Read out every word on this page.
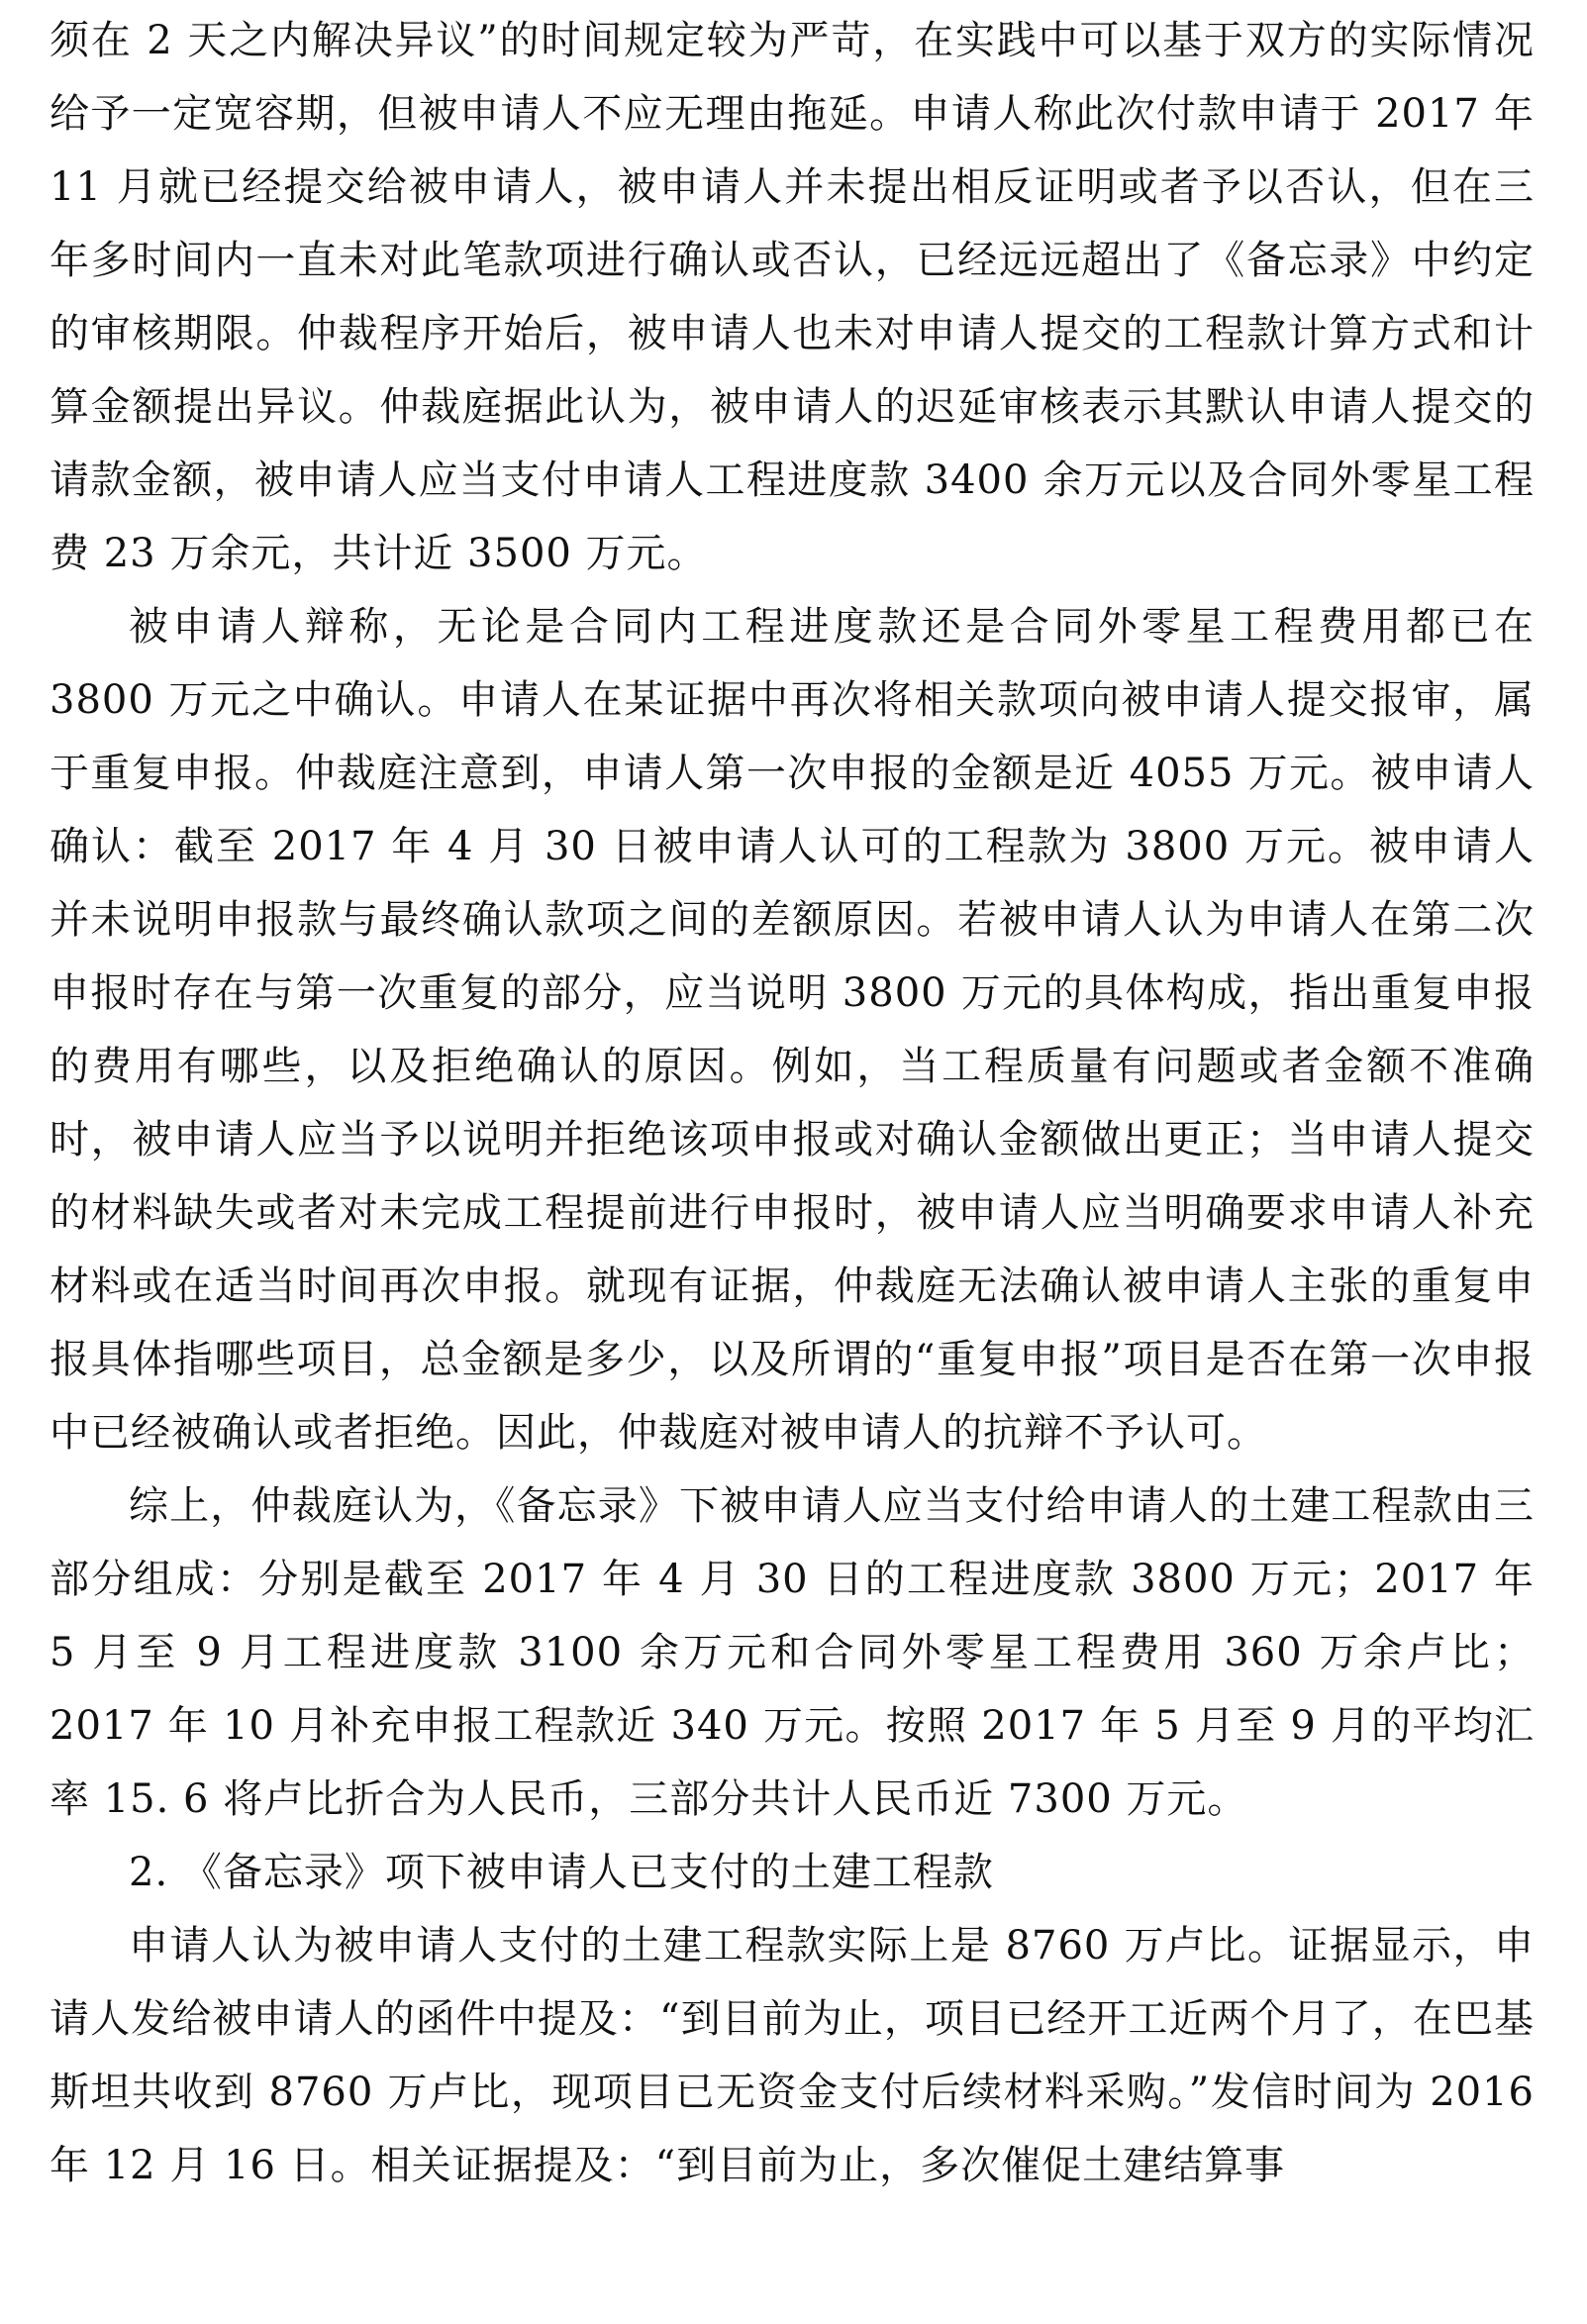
须在 2 天之内解决异议”的时间规定较为严苛，在实践中可以基于双方的实际情况给予一定宽容期，但被申请人不应无理由拖延。申请人称此次付款申请于 2017 年 11 月就已经提交给被申请人，被申请人并未提出相反证明或者予以否认，但在三年多时间内一直未对此笔款项进行确认或否认，已经远远超出了《备忘录》中约定的审核期限。仲裁程序开始后，被申请人也未对申请人提交的工程款计算方式和计算金额提出异议。仲裁庭据此认为，被申请人的迟延审核表示其默认申请人提交的请款金额，被申请人应当支付申请人工程进度款 3400 余万元以及合同外零星工程费 23 万余元，共计近 3500 万元。

被申请人辩称，无论是合同内工程进度款还是合同外零星工程费用都已在 3800 万元之中确认。申请人在某证据中再次将相关款项向被申请人提交报审，属于重复申报。仲裁庭注意到，申请人第一次申报的金额是近 4055 万元。被申请人确认：截至 2017 年 4 月 30 日被申请人认可的工程款为 3800 万元。被申请人并未说明申报款与最终确认款项之间的差额原因。若被申请人认为申请人在第二次申报时存在与第一次重复的部分，应当说明 3800 万元的具体构成，指出重复申报的费用有哪些，以及拒绝确认的原因。例如，当工程质量有问题或者金额不准确时，被申请人应当予以说明并拒绝该项申报或对确认金额做出更正；当申请人提交的材料缺失或者对未完成工程提前进行申报时，被申请人应当明确要求申请人补充材料或在适当时间再次申报。就现有证据，仲裁庭无法确认被申请人主张的重复申报具体指哪些项目，总金额是多少，以及所谓的“重复申报”项目是否在第一次申报中已经被确认或者拒绝。因此，仲裁庭对被申请人的抗辩不予认可。

综上，仲裁庭认为，《备忘录》下被申请人应当支付给申请人的土建工程款由三部分组成：分别是截至 2017 年 4 月 30 日的工程进度款 3800 万元；2017 年 5 月至 9 月工程进度款 3100 余万元和合同外零星工程费用 360 万余卢比；2017 年 10 月补充申报工程款近 340 万元。按照 2017 年 5 月至 9 月的平均汇率 15. 6 将卢比折合为人民币，三部分共计人民币近 7300 万元。

2. 《备忘录》项下被申请人已支付的土建工程款

申请人认为被申请人支付的土建工程款实际上是 8760 万卢比。证据显示，申请人发给被申请人的函件中提及：“到目前为止，项目已经开工近两个月了，在巴基斯坦共收到 8760 万卢比，现项目已无资金支付后续材料采购。”发信时间为 2016 年 12 月 16 日。相关证据提及：“到目前为止，多次催促土建结算事
